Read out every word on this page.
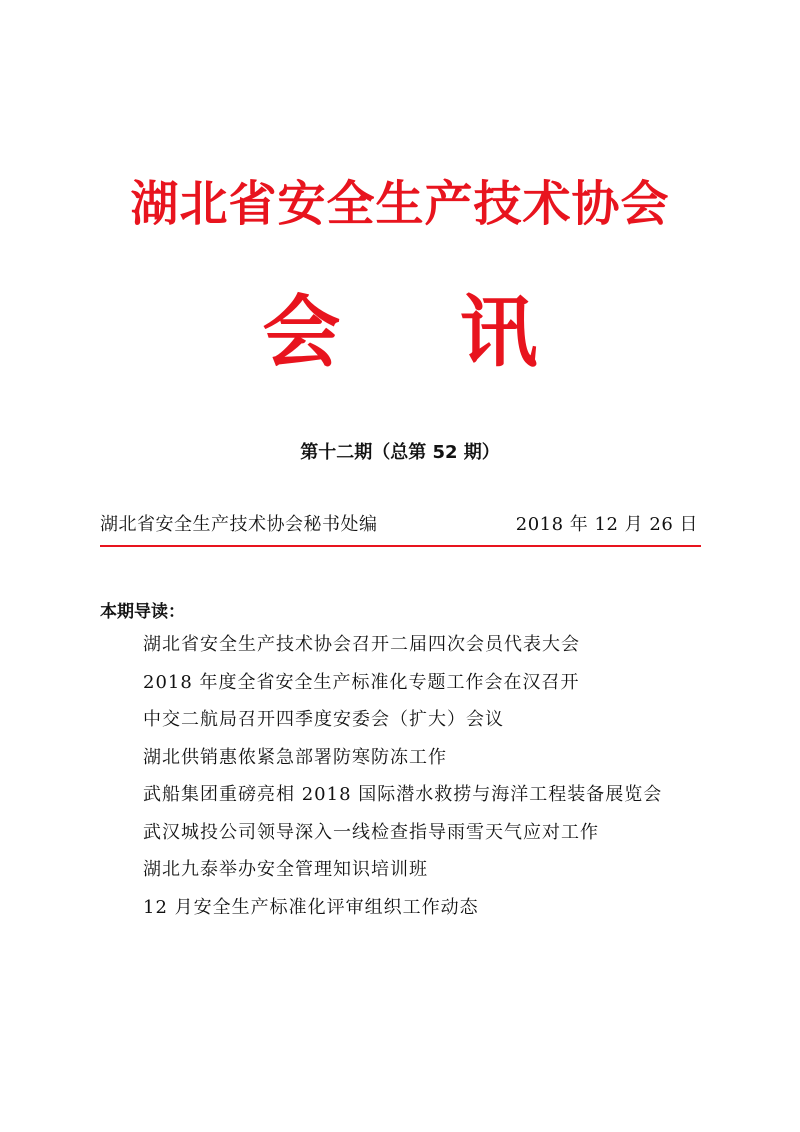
湖北省安全生产技术协会
会 讯
第十二期（总第 52 期）
湖北省安全生产技术协会秘书处编	2018 年 12 月 26 日
本期导读：
湖北省安全生产技术协会召开二届四次会员代表大会
2018 年度全省安全生产标准化专题工作会在汉召开
中交二航局召开四季度安委会（扩大）会议
湖北供销惠侬紧急部署防寒防冻工作
武船集团重磅亮相 2018 国际潜水救捞与海洋工程装备展览会
武汉城投公司领导深入一线检查指导雨雪天气应对工作
湖北九泰举办安全管理知识培训班
12 月安全生产标准化评审组织工作动态
